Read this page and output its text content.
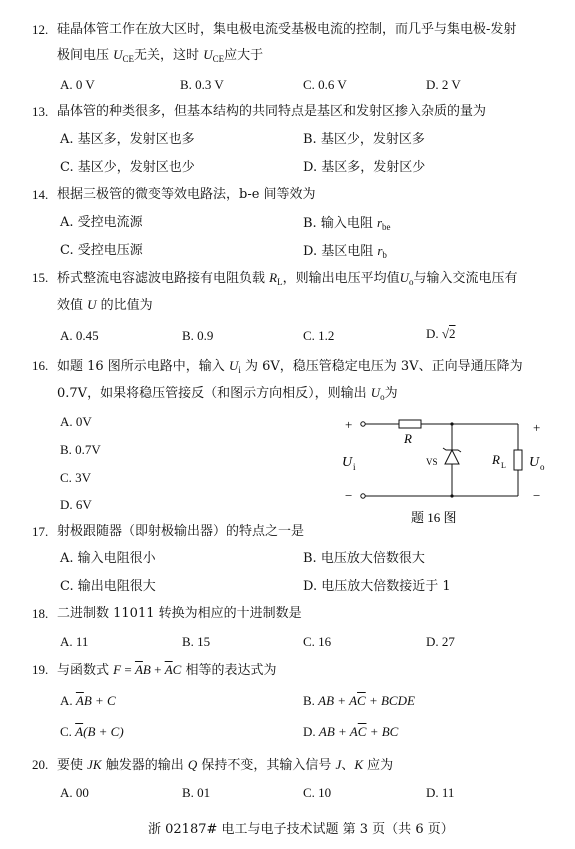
12. 硅晶体管工作在放大区时，集电极电流受基极电流的控制，而几乎与集电极-发射
极间电压 $U_{CE}$无关，这时 $U_{CE}$应大于
A. 0 V	B. 0.3 V	C. 0.6 V	D. 2 V
13. 晶体管的种类很多，但基本结构的共同特点是基区和发射区掺入杂质的量为
A. 基区多，发射区也多	B. 基区少，发射区多
C. 基区少，发射区也少	D. 基区多，发射区少
14. 根据三极管的微变等效电路法，b-e 间等效为
A. 受控电流源	B. 输入电阻 $r_{be}$
C. 受控电压源	D. 基区电阻 $r_b$
15. 桥式整流电容滤波电路接有电阻负载 $R_L$，则输出电压平均值$U_o$与输入交流电压有
效值 U 的比值为
A. 0.45	B. 0.9	C. 1.2	D. √2
16. 如题 16 图所示电路中，输入 $U_i$ 为 6V，稳压管稳定电压为 3V、正向导通压降为
0.7V，如果将稳压管接反（和图示方向相反），则输出 $U_o$为
A. 0V
B. 0.7V
C. 3V
D. 6V
+
−
+
−
R
U i	VS	R L U o
题 16 图
17. 射极跟随器（即射极输出器）的特点之一是
A. 输入电阻很小	B. 电压放大倍数很大
C. 输出电阻很大	D. 电压放大倍数接近于 1
18. 二进制数 11011 转换为相应的十进制数是
A. 11	B. 15	C. 16	D. 27
19. 与函数式 $F = \overline{A}B + \overline{A}C$ 相等的表达式为
A. $\overline{A}B + C$	B. AB + $A\overline{C}$ + BCDE
C. $\overline{A}(B + C)$	D. AB + $A\overline{C}$ + BC
20. 要使 JK 触发器的输出 Q 保持不变，其输入信号 J、K 应为
A. 00	B. 01	C. 10	D. 11
浙 02187# 电工与电子技术试题 第 3 页（共 6 页）
